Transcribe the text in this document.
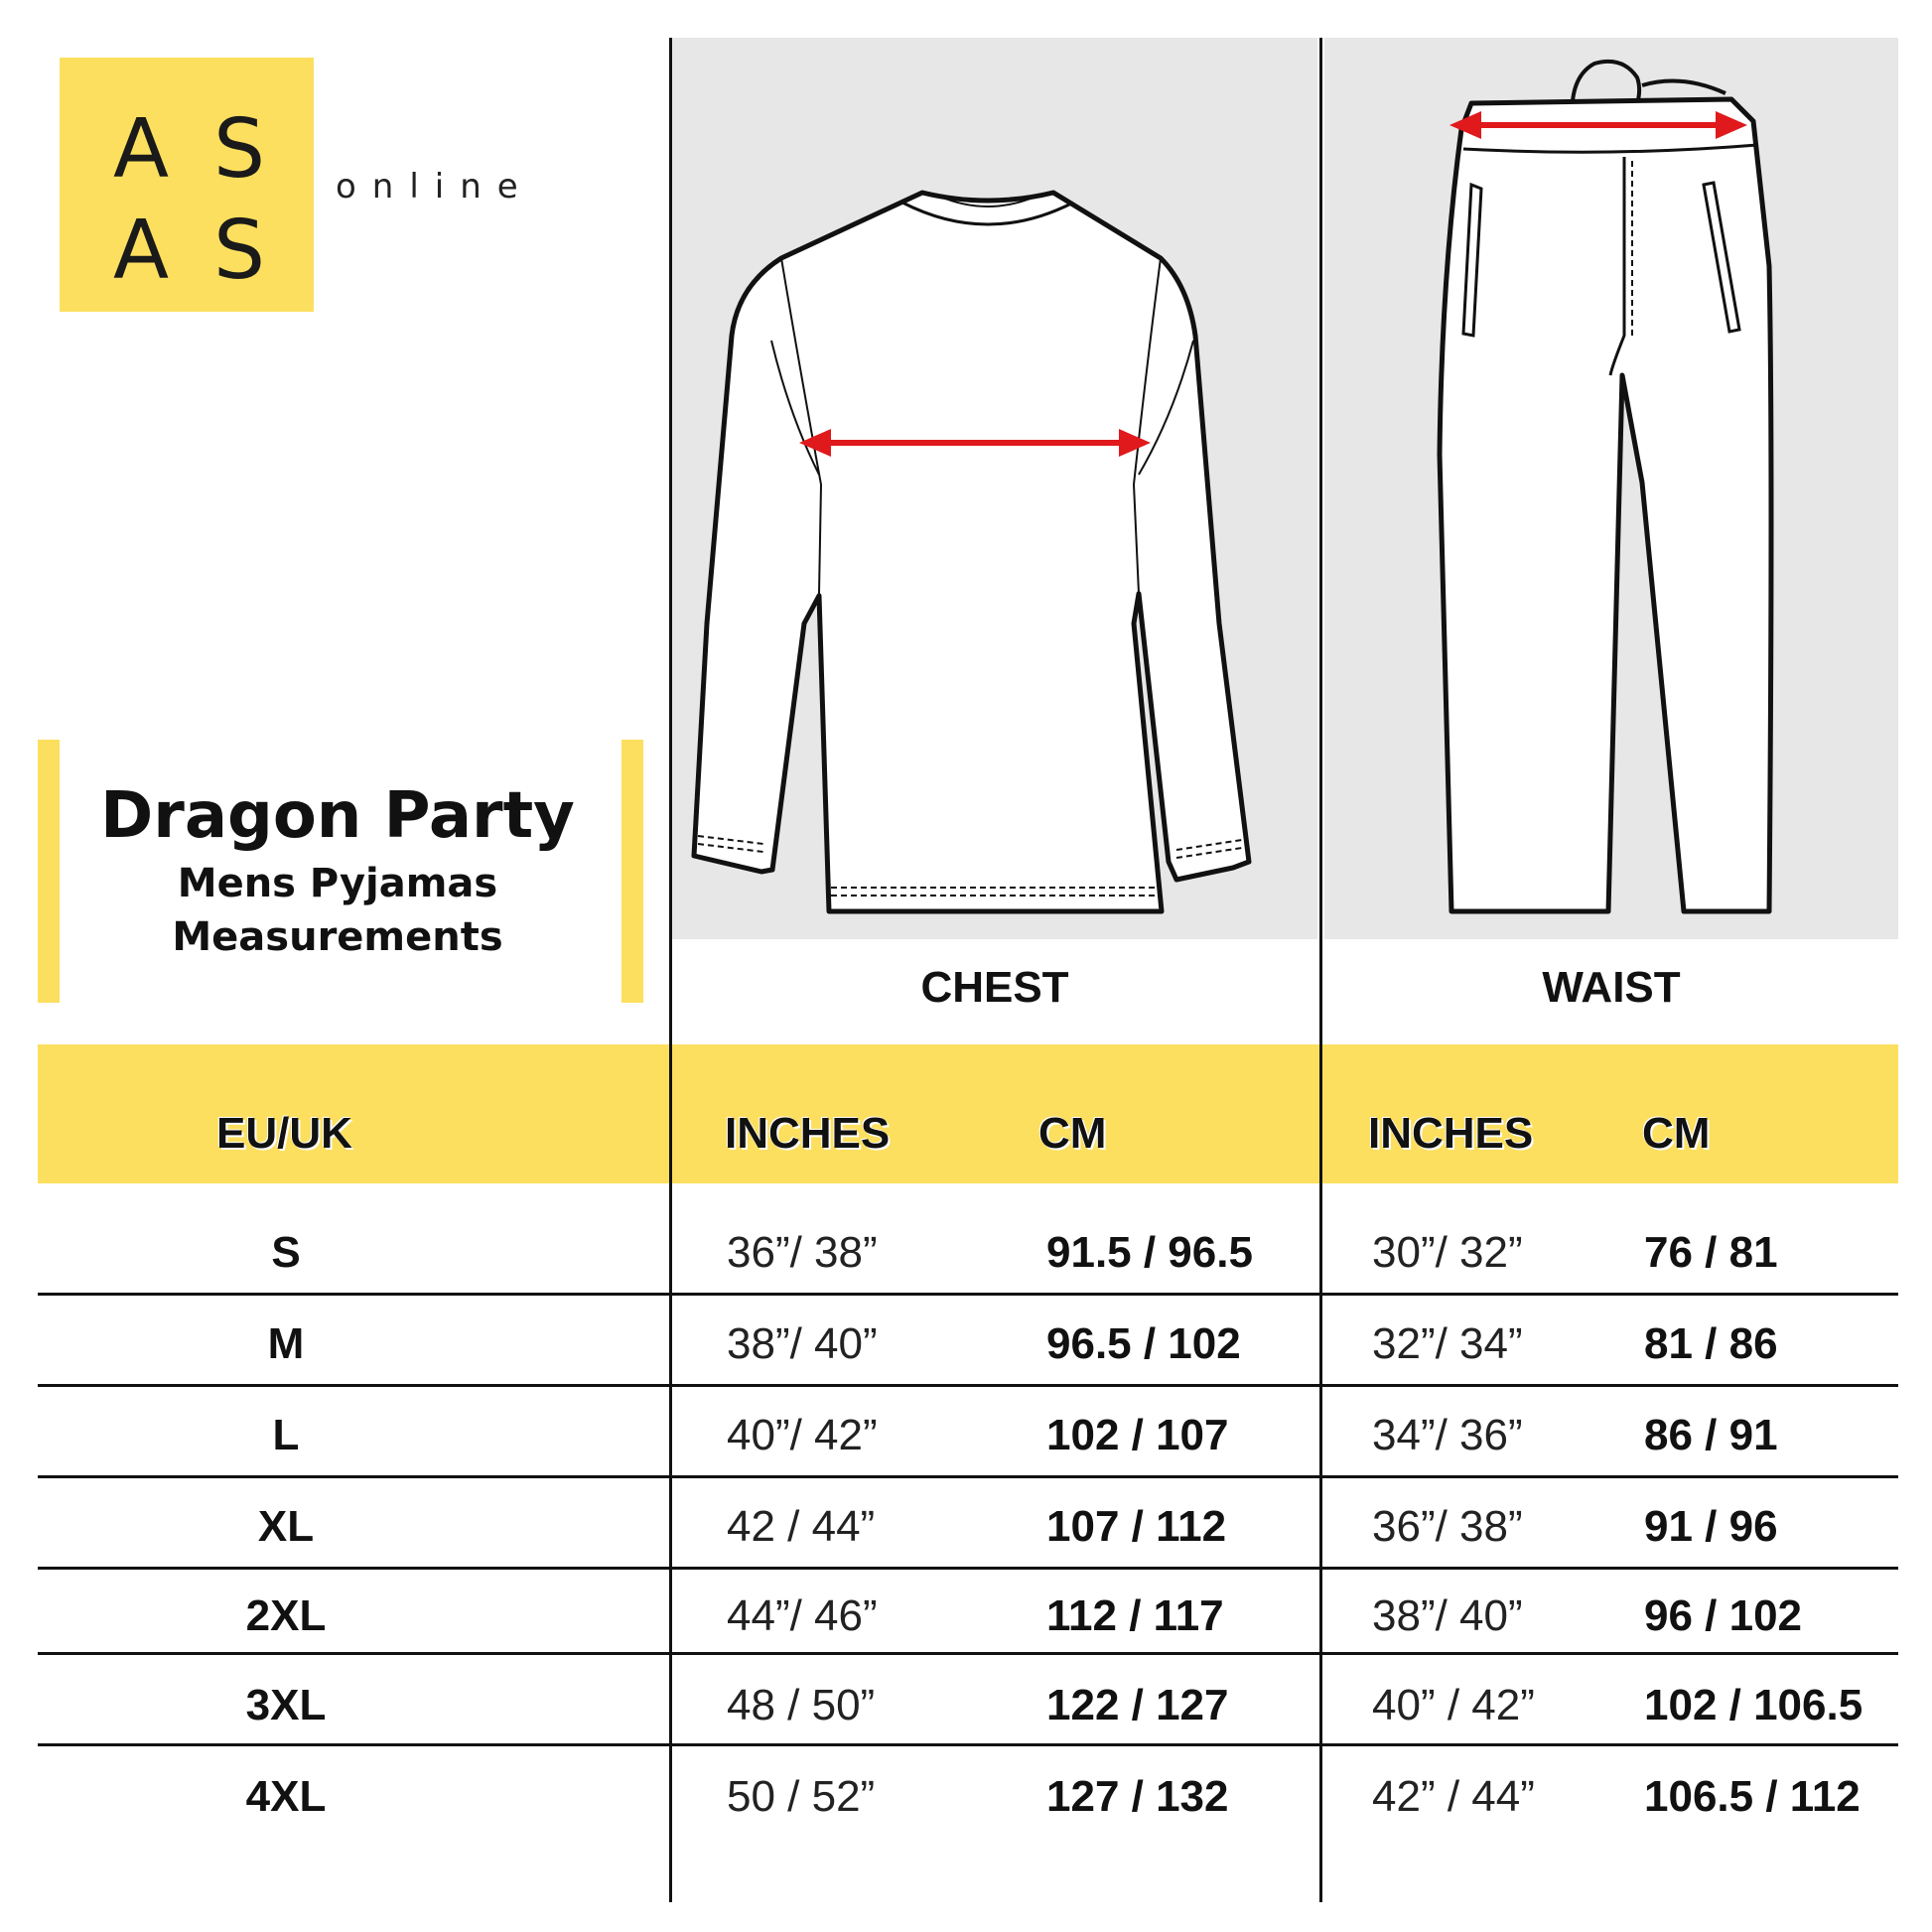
A S
A S
online
Dragon Party
Mens Pyjamas
Measurements
CHEST	WAIST
EU/UK	INCHES	CM	INCHES CM
S	36”/ 38”	91.5 / 96.5	30”/ 32”	76 / 81
M	38”/ 40”	96.5 / 102	32”/ 34”	81 / 86
L	40”/ 42”	102 / 107	34”/ 36”	86 / 91
XL	42 / 44”	107 / 112	36”/ 38”	91 / 96
2XL	44”/ 46”	112 / 117	38”/ 40”	96 / 102
3XL	48 / 50”	122 / 127	40” / 42”	102 / 106.5
4XL	50 / 52”	127 / 132	42” / 44”	106.5 / 112
